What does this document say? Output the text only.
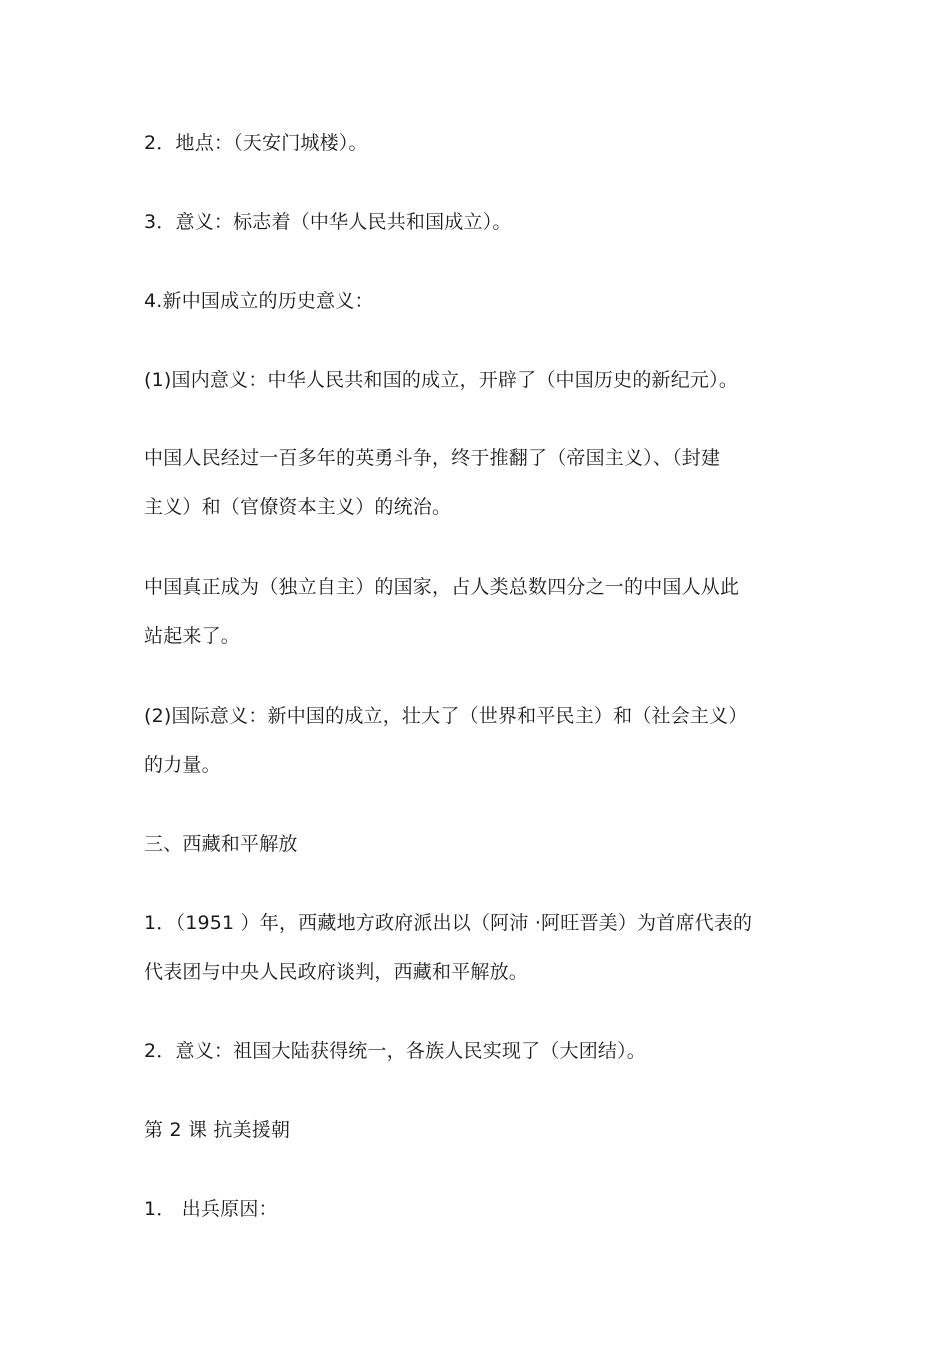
2．地点：（天安门城楼）。
3．意义：标志着（中华人民共和国成立）。
4.新中国成立的历史意义：
(1)国内意义：中华人民共和国的成立，开辟了（中国历史的新纪元）。
中国人民经过一百多年的英勇斗争，终于推翻了（帝国主义）、（封建
主义）和（官僚资本主义）的统治。
中国真正成为（独立自主）的国家，占人类总数四分之一的中国人从此
站起来了。
(2)国际意义：新中国的成立，壮大了（世界和平民主）和（社会主义）
的力量。
三、西藏和平解放
1．（1951 ）年，西藏地方政府派出以（阿沛 ·阿旺晋美）为首席代表的
代表团与中央人民政府谈判，西藏和平解放。
2．意义：祖国大陆获得统一，各族人民实现了（大团结）。
第 2 课 抗美援朝
1． 出兵原因：
